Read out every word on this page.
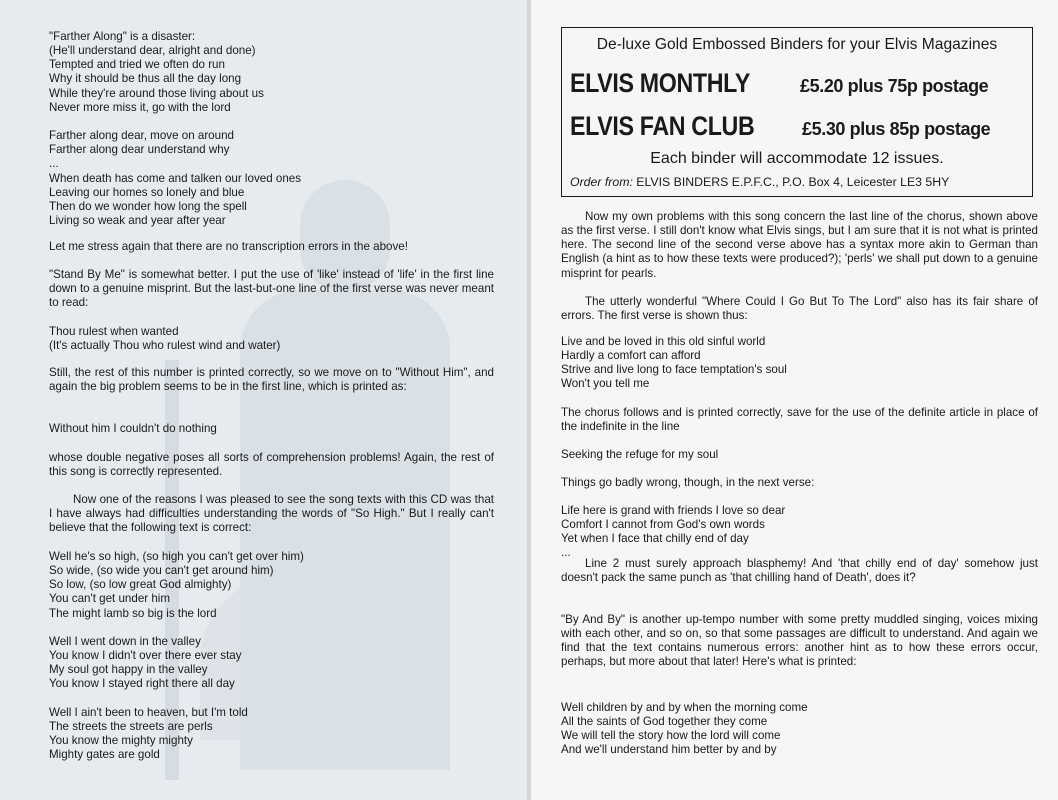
"Farther Along" is a disaster:
(He'll understand dear, alright and done)
Tempted and tried we often do run
Why it should be thus all the day long
While they're around those living about us
Never more miss it, go with the lord

Farther along dear, move on around
Farther along dear understand why
...
When death has come and talken our loved ones
Leaving our homes so lonely and blue
Then do we wonder how long the spell
Living so weak and year after year
Let me stress again that there are no transcription errors in the above!
"Stand By Me" is somewhat better. I put the use of 'like' instead of 'life' in the first line down to a genuine misprint. But the last-but-one line of the first verse was never meant to read:
Thou rulest when wanted
(It's actually Thou who rulest wind and water)
Still, the rest of this number is printed correctly, so we move on to "Without Him", and again the big problem seems to be in the first line, which is printed as:
Without him I couldn't do nothing
whose double negative poses all sorts of comprehension problems! Again, the rest of this song is correctly represented.
Now one of the reasons I was pleased to see the song texts with this CD was that I have always had difficulties understanding the words of "So High." But I really can't believe that the following text is correct:
Well he's so high, (so high you can't get over him)
So wide, (so wide you can't get around him)
So low, (so low great God almighty)
You can't get under him
The might lamb so big is the lord

Well I went down in the valley
You know I didn't over there ever stay
My soul got happy in the valley
You know I stayed right there all day

Well I ain't been to heaven, but I'm told
The streets the streets are perls
You know the mighty mighty
Mighty gates are gold
De-luxe Gold Embossed Binders for your Elvis Magazines
ELVIS MONTHLY	£5.20 plus 75p postage
ELVIS FAN CLUB	£5.30 plus 85p postage
Each binder will accommodate 12 issues.
Order from: ELVIS BINDERS E.P.F.C., P.O. Box 4, Leicester LE3 5HY
Now my own problems with this song concern the last line of the chorus, shown above as the first verse. I still don't know what Elvis sings, but I am sure that it is not what is printed here. The second line of the second verse above has a syntax more akin to German than English (a hint as to how these texts were produced?); 'perls' we shall put down to a genuine misprint for pearls.
The utterly wonderful "Where Could I Go But To The Lord" also has its fair share of errors. The first verse is shown thus:
Live and be loved in this old sinful world
Hardly a comfort can afford
Strive and live long to face temptation's soul
Won't you tell me
The chorus follows and is printed correctly, save for the use of the definite article in place of the indefinite in the line
Seeking the refuge for my soul
Things go badly wrong, though, in the next verse:
Life here is grand with friends I love so dear
Comfort I cannot from God's own words
Yet when I face that chilly end of day
...
Line 2 must surely approach blasphemy! And 'that chilly end of day' somehow just doesn't pack the same punch as 'that chilling hand of Death', does it?
"By And By" is another up-tempo number with some pretty muddled singing, voices mixing with each other, and so on, so that some passages are difficult to understand. And again we find that the text contains numerous errors: another hint as to how these errors occur, perhaps, but more about that later! Here's what is printed:
Well children by and by when the morning come
All the saints of God together they come
We will tell the story how the lord will come
And we'll understand him better by and by
